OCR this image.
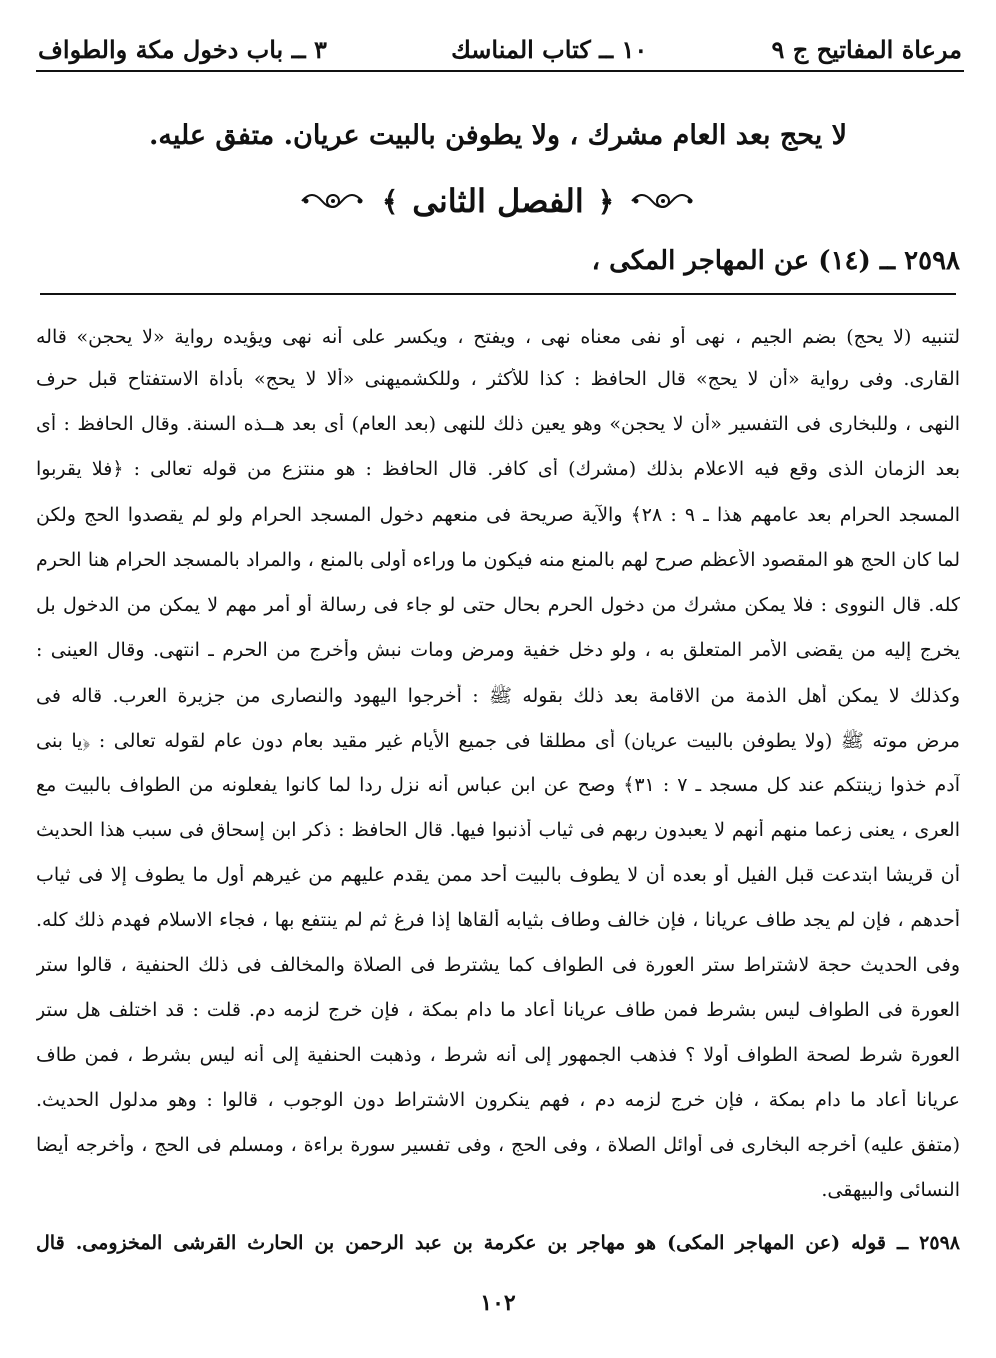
مرعاة المفاتيح ج ٩
١٠ ــ كتاب المناسك
٣ ــ باب دخول مكة والطواف
لا يحج بعد العام مشرك ، ولا يطوفن بالبيت عريان. متفق عليه.
﴿
الفصل الثانى
﴾
٢٥٩٨ ــ (١٤) عن المهاجر المكى ،
لتنبيه (لا يحج) بضم الجيم ، نهى أو نفى معناه نهى ، ويفتح ، ويكسر على أنه نهى ويؤيده رواية «لا يحجن» قاله
القارى. وفى رواية «أن لا يحج» قال الحافظ : كذا للأكثر ، وللكشميهنى «ألا لا يحج» بأداة الاستفتاح قبل حرف
النهى ، وللبخارى فى التفسير «أن لا يحجن» وهو يعين ذلك للنهى (بعد العام) أى بعد هــذه السنة. وقال الحافظ : أى
بعد الزمان الذى وقع فيه الاعلام بذلك (مشرك) أى كافر. قال الحافظ : هو منتزع من قوله تعالى : ﴿فلا يقربوا
المسجد الحرام بعد عامهم هذا ـ ٩ : ٢٨﴾ والآية صريحة فى منعهم دخول المسجد الحرام ولو لم يقصدوا الحج ولكن
لما كان الحج هو المقصود الأعظم صرح لهم بالمنع منه فيكون ما وراءه أولى بالمنع ، والمراد بالمسجد الحرام هنا الحرم
كله. قال النووى : فلا يمكن مشرك من دخول الحرم بحال حتى لو جاء فى رسالة أو أمر مهم لا يمكن من الدخول بل
يخرج إليه من يقضى الأمر المتعلق به ، ولو دخل خفية ومرض ومات نبش وأخرج من الحرم ـ انتهى. وقال العينى :
وكذلك لا يمكن أهل الذمة من الاقامة بعد ذلك بقوله ﷺ : أخرجوا اليهود والنصارى من جزيرة العرب. قاله فى
مرض موته ﷺ (ولا يطوفن بالبيت عريان) أى مطلقا فى جميع الأيام غير مقيد بعام دون عام لقوله تعالى : ﴿يا بنى
آدم خذوا زينتكم عند كل مسجد ـ ٧ : ٣١﴾ وصح عن ابن عباس أنه نزل ردا لما كانوا يفعلونه من الطواف بالبيت مع
العرى ، يعنى زعما منهم أنهم لا يعبدون ربهم فى ثياب أذنبوا فيها. قال الحافظ : ذكر ابن إسحاق فى سبب هذا الحديث
أن قريشا ابتدعت قبل الفيل أو بعده أن لا يطوف بالبيت أحد ممن يقدم عليهم من غيرهم أول ما يطوف إلا فى ثياب
أحدهم ، فإن لم يجد طاف عريانا ، فإن خالف وطاف بثيابه ألقاها إذا فرغ ثم لم ينتفع بها ، فجاء الاسلام فهدم ذلك كله.
وفى الحديث حجة لاشتراط ستر العورة فى الطواف كما يشترط فى الصلاة والمخالف فى ذلك الحنفية ، قالوا ستر
العورة فى الطواف ليس بشرط فمن طاف عريانا أعاد ما دام بمكة ، فإن خرج لزمه دم. قلت : قد اختلف هل ستر
العورة شرط لصحة الطواف أولا ؟ فذهب الجمهور إلى أنه شرط ، وذهبت الحنفية إلى أنه ليس بشرط ، فمن طاف
عريانا أعاد ما دام بمكة ، فإن خرج لزمه دم ، فهم ينكرون الاشتراط دون الوجوب ، قالوا : وهو مدلول الحديث.
(متفق عليه) أخرجه البخارى فى أوائل الصلاة ، وفى الحج ، وفى تفسير سورة براءة ، ومسلم فى الحج ، وأخرجه أيضا
النسائى والبيهقى.
٢٥٩٨ ــ قوله (عن المهاجر المكى) هو مهاجر بن عكرمة بن عبد الرحمن بن الحارث القرشى المخزومى. قال
١٠٢
